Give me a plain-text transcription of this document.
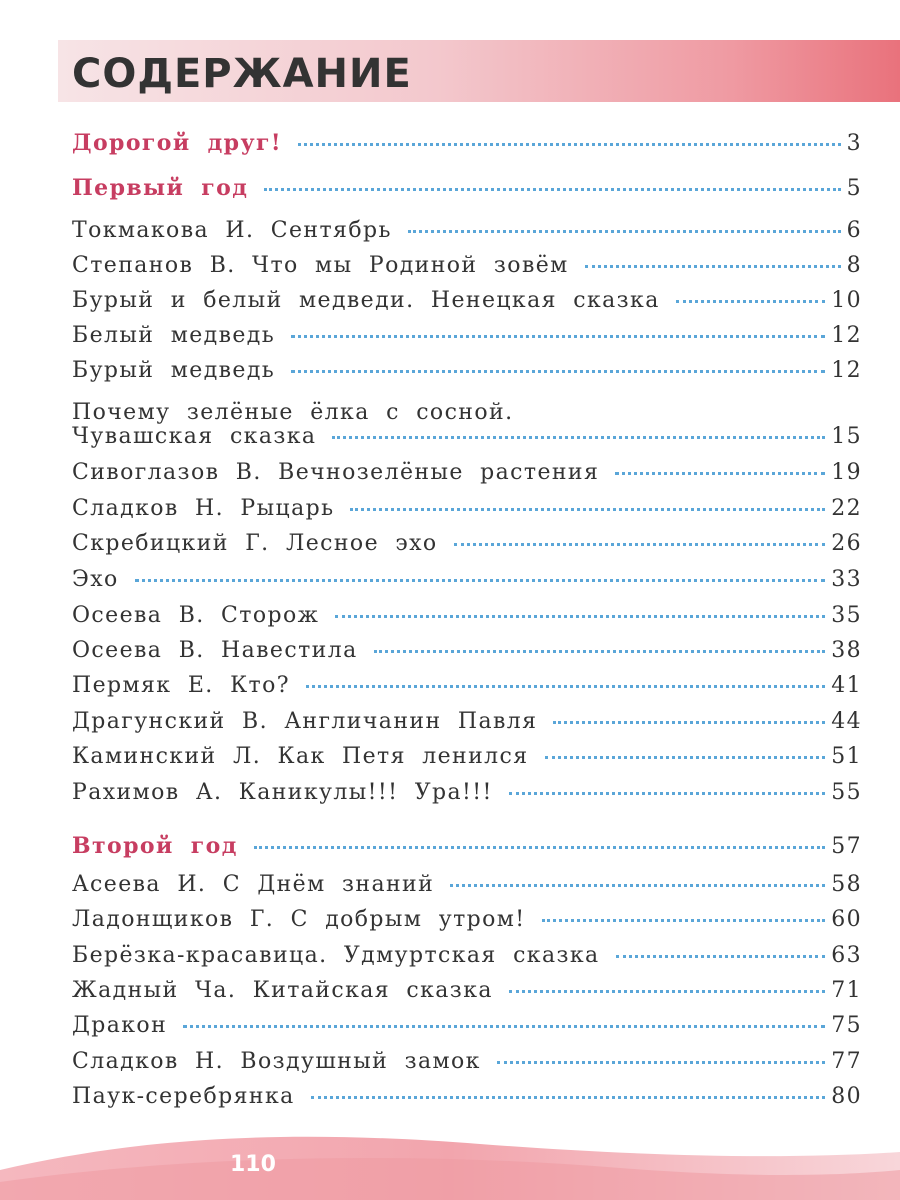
СОДЕРЖАНИЕ
Дорогой друг!	3
Первый год	5
Токмакова И. Сентябрь	6
Степанов В. Что мы Родиной зовём	8
Бурый и белый медведи. Ненецкая сказка	10
Белый медведь	12
Бурый медведь	12
Почему зелёные ёлка с сосной.
Чувашская сказка	15
Сивоглазов В. Вечнозелёные растения	19
Сладков Н. Рыцарь	22
Скребицкий Г. Лесное эхо	26
Эхо	33
Осеева В. Сторож	35
Осеева В. Навестила	38
Пермяк Е. Кто?	41
Драгунский В. Англичанин Павля	44
Каминский Л. Как Петя ленился	51
Рахимов А. Каникулы!!! Ура!!!	55
Второй год	57
Асеева И. С Днём знаний	58
Ладонщиков Г. С добрым утром!	60
Берёзка-красавица. Удмуртская сказка	63
Жадный Ча. Китайская сказка	71
Дракон	75
Сладков Н. Воздушный замок	77
Паук-серебрянка	80
110
